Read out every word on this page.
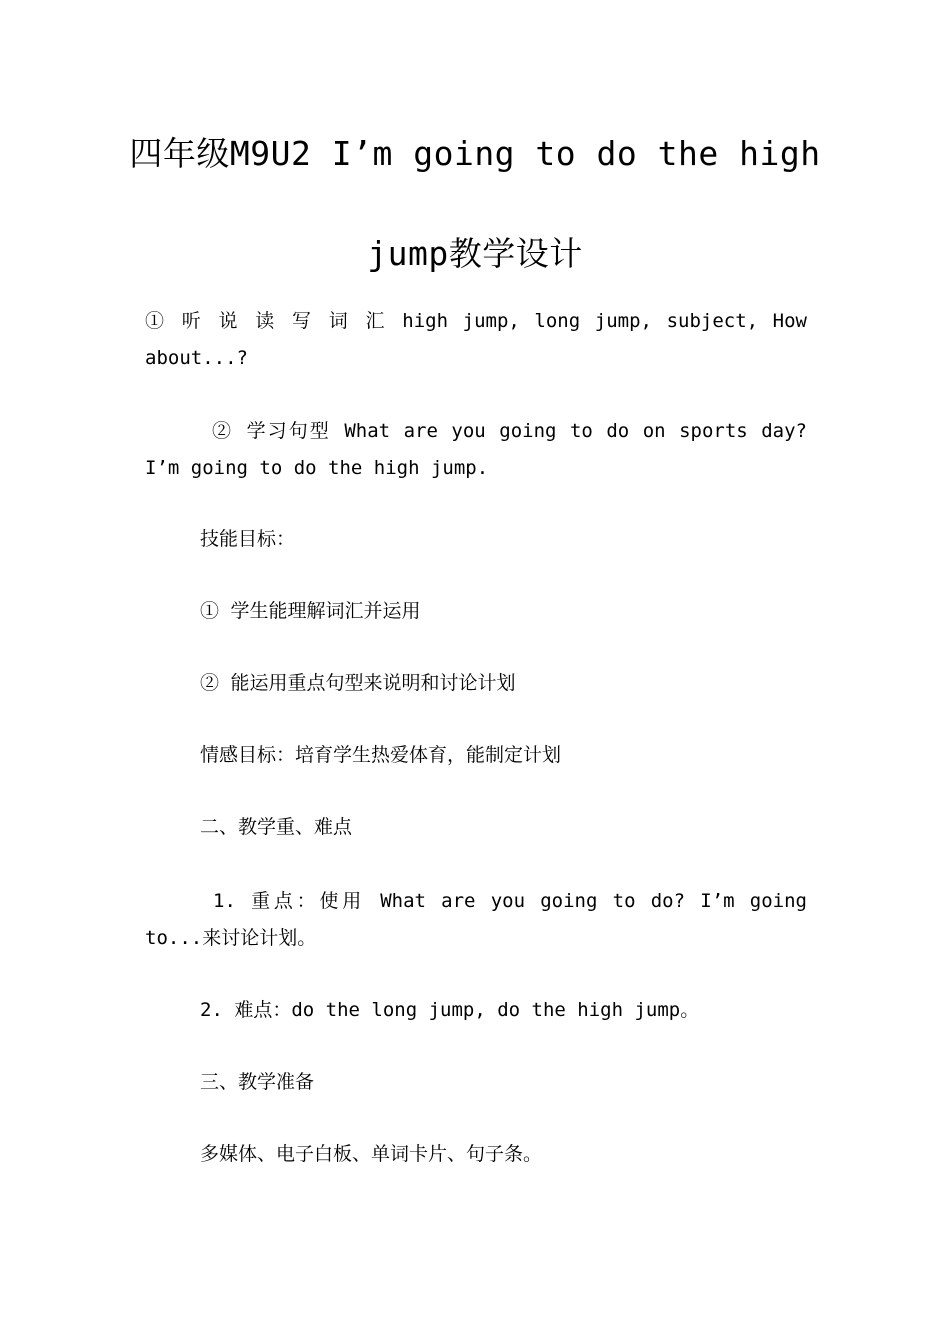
四年级M9U2 I’m going to do the high
jump教学设计
① 听 说 读 写 词 汇 high jump, long jump, subject, How about...?
② 学习句型 What are you going to do on sports day? I’m going to do the high jump.
技能目标：
① 学生能理解词汇并运用
② 能运用重点句型来说明和讨论计划
情感目标：培育学生热爱体育，能制定计划
二、教学重、难点
1. 重点：使用 What are you going to do? I’m going to...来讨论计划。
2. 难点：do the long jump, do the high jump。
三、教学准备
多媒体、电子白板、单词卡片、句子条。
